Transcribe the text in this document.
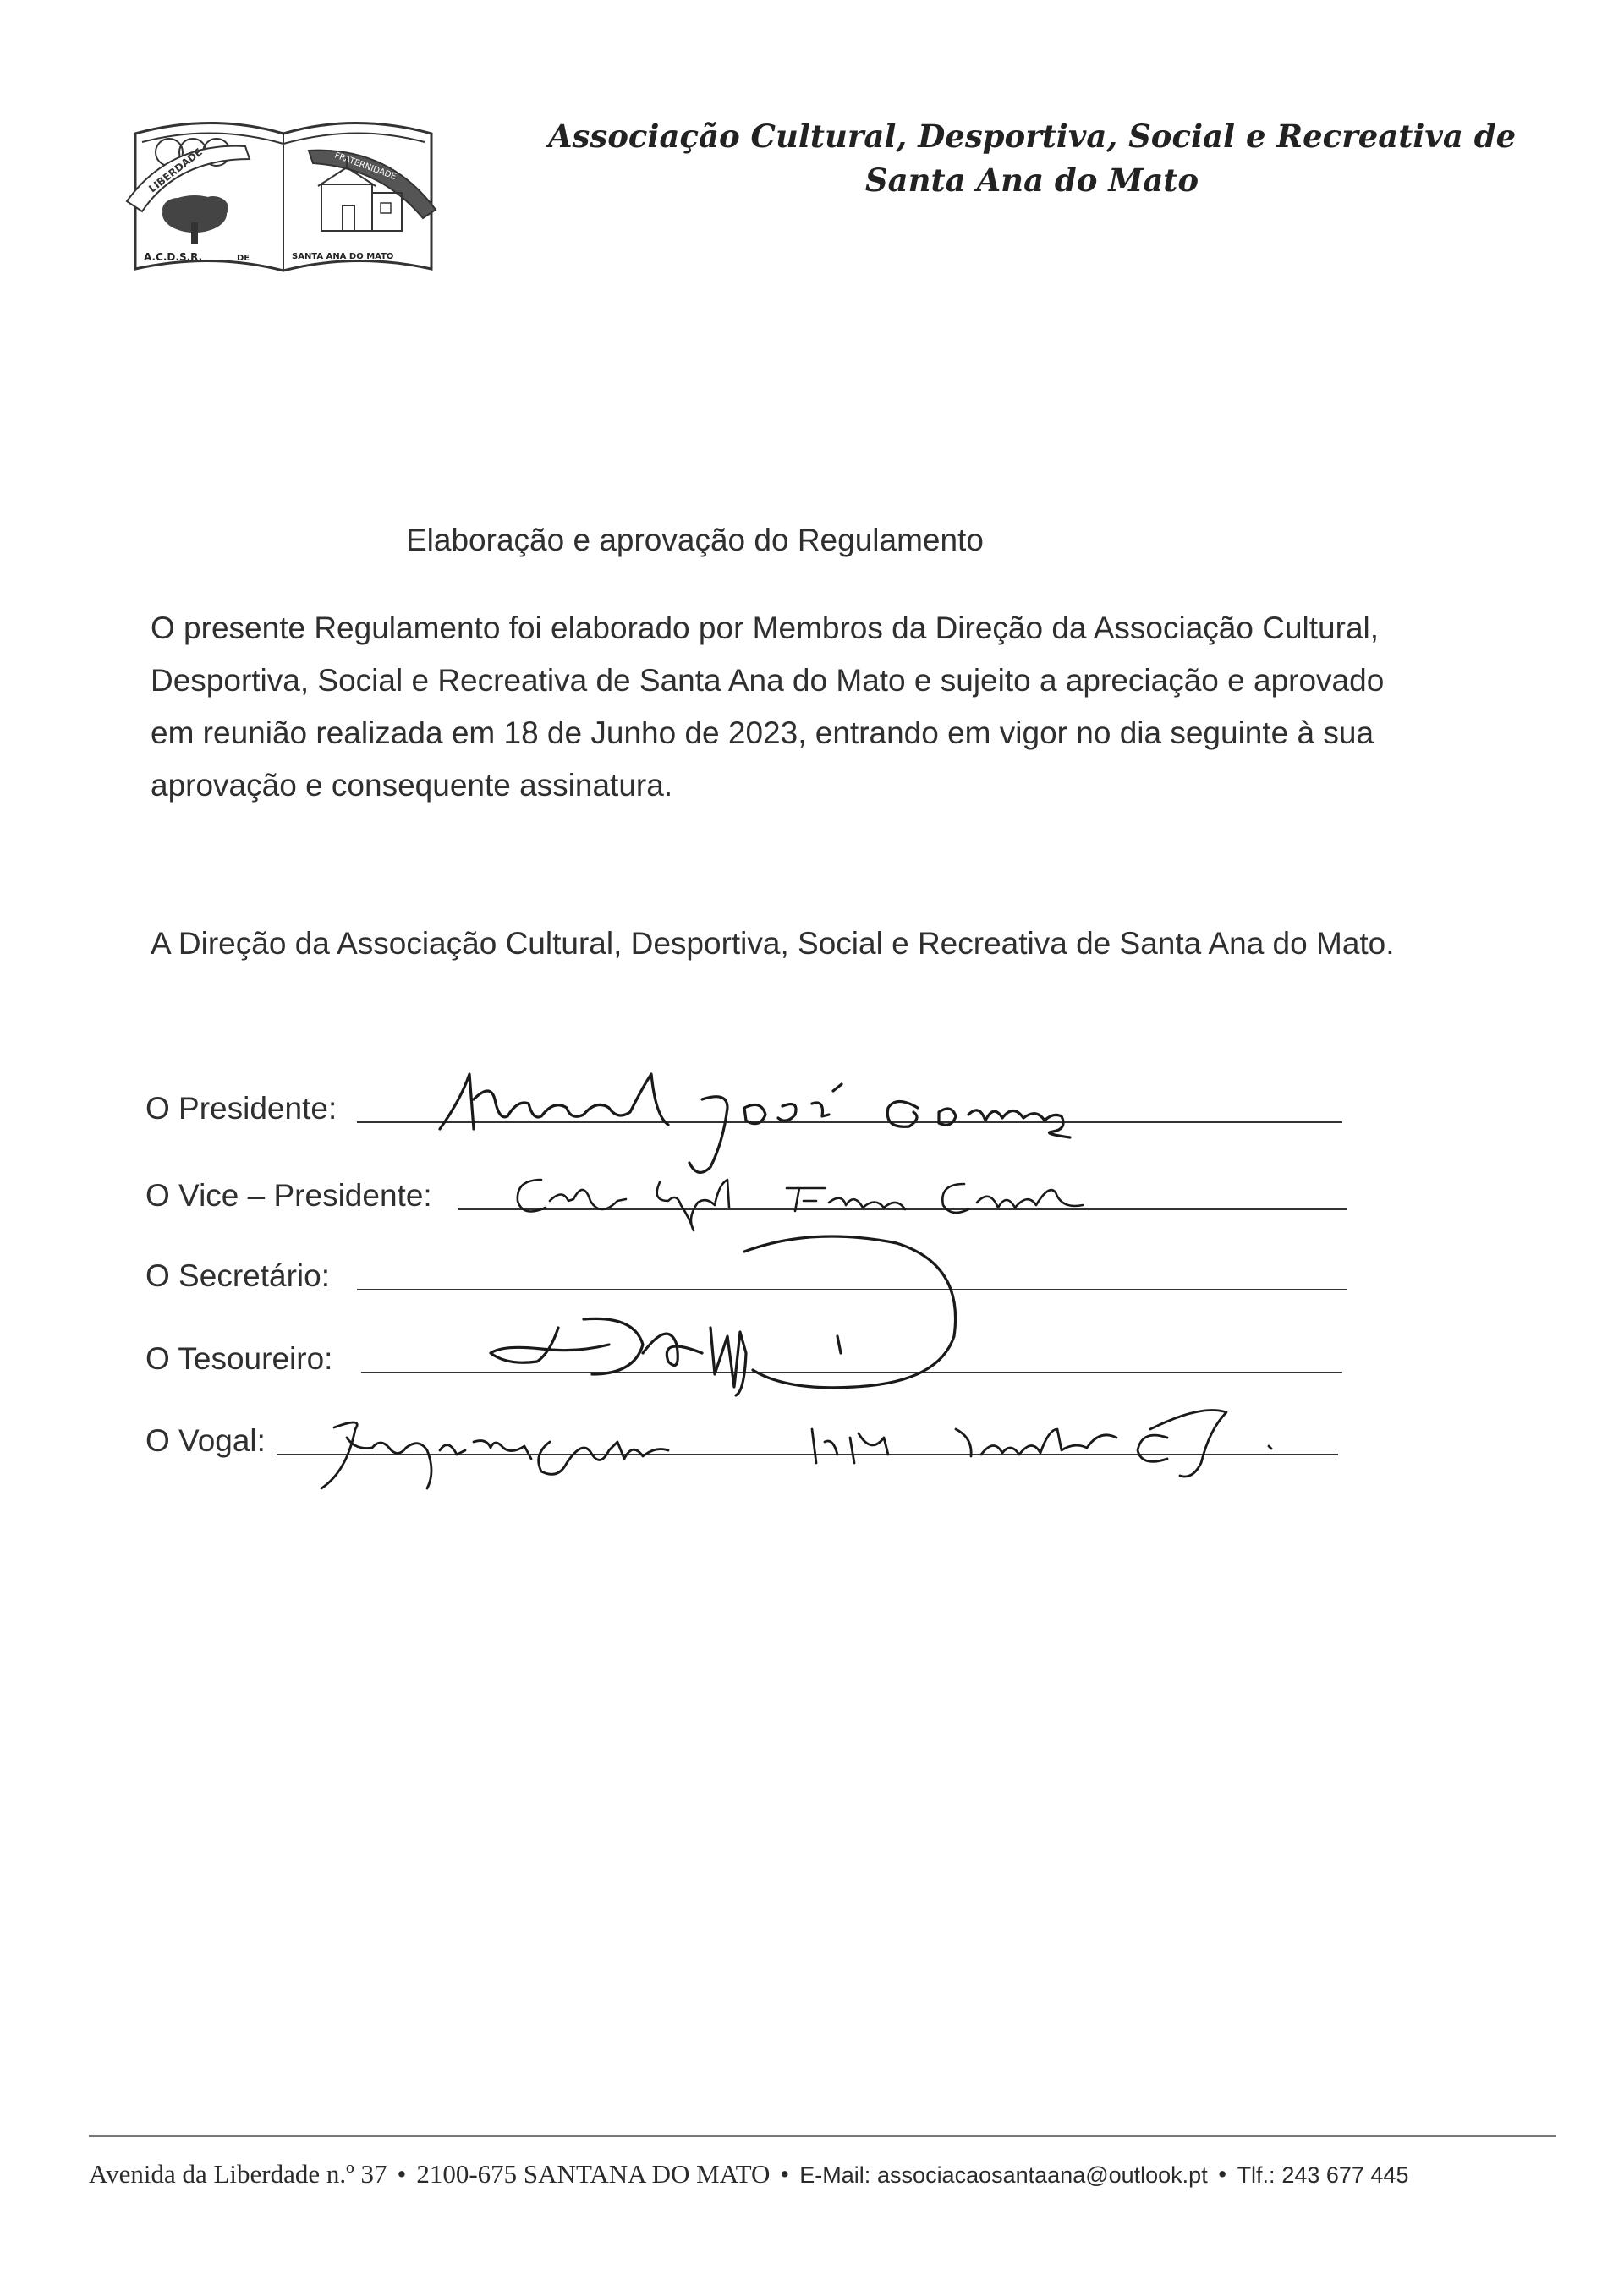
LIBERDADE	FRATERNIDADE
A.C.D.S.R.	DE	SANTA ANA DO MATO
Associação Cultural, Desportiva, Social e Recreativa de
Santa Ana do Mato
Elaboração e aprovação do Regulamento
O presente Regulamento foi elaborado por Membros da Direção da Associação Cultural,
Desportiva, Social e Recreativa de Santa Ana do Mato e sujeito a apreciação e aprovado
em reunião realizada em 18 de Junho de 2023, entrando em vigor no dia seguinte à sua
aprovação e consequente assinatura.
A Direção da Associação Cultural, Desportiva, Social e Recreativa de Santa Ana do Mato.
O Presidente:
O Vice – Presidente:
O Secretário:
O Tesoureiro:
O Vogal:
Avenida da Liberdade n.º 37 • 2100-675 SANTANA DO MATO • E-Mail: associacaosantaana@outlook.pt • Tlf.: 243 677 445
